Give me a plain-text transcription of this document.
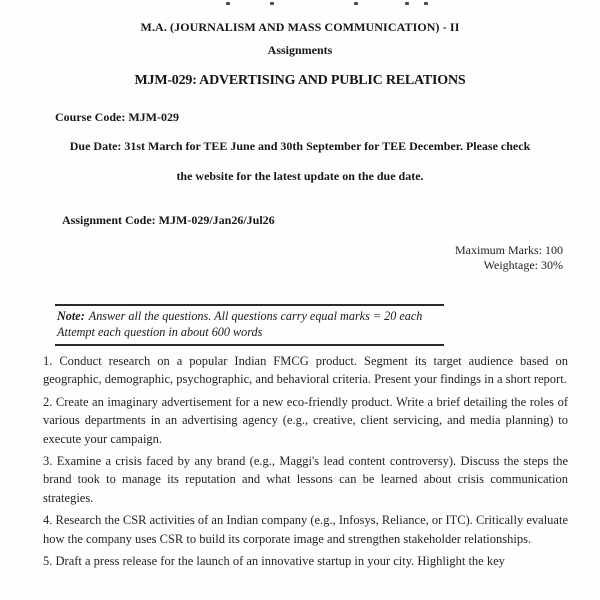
M.A. (JOURNALISM AND MASS COMMUNICATION) - II
Assignments
MJM-029: ADVERTISING AND PUBLIC RELATIONS
Course Code: MJM-029
Due Date: 31st March for TEE June and 30th September for TEE December. Please check
the website for the latest update on the due date.
Assignment Code: MJM-029/Jan26/Jul26
Maximum Marks: 100
Weightage: 30%
Note: Answer all the questions. All questions carry equal marks = 20 each
Attempt each question in about 600 words

1. Conduct research on a popular Indian FMCG product. Segment its target audience based on geographic, demographic, psychographic, and behavioral criteria. Present your findings in a short report.

2. Create an imaginary advertisement for a new eco-friendly product. Write a brief detailing the roles of various departments in an advertising agency (e.g., creative, client servicing, and media planning) to execute your campaign.

3. Examine a crisis faced by any brand (e.g., Maggi's lead content controversy). Discuss the steps the brand took to manage its reputation and what lessons can be learned about crisis communication strategies.

4. Research the CSR activities of an Indian company (e.g., Infosys, Reliance, or ITC). Critically evaluate how the company uses CSR to build its corporate image and strengthen stakeholder relationships.

5. Draft a press release for the launch of an innovative startup in your city. Highlight the key
